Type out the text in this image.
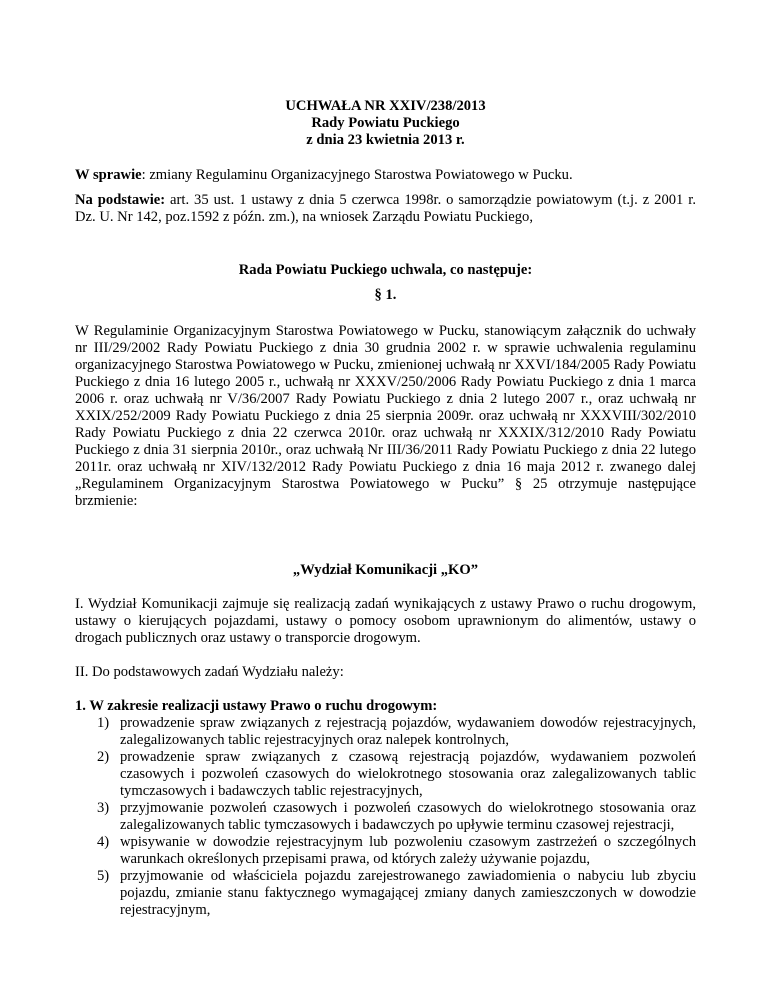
UCHWAŁA NR XXIV/238/2013
Rady Powiatu Puckiego
z dnia 23 kwietnia 2013 r.

W sprawie: zmiany Regulaminu Organizacyjnego Starostwa Powiatowego w Pucku.

Na podstawie: art. 35 ust. 1 ustawy z dnia 5 czerwca 1998r. o samorządzie powiatowym (t.j. z 2001 r. Dz. U. Nr 142, poz.1592 z późn. zm.), na wniosek Zarządu Powiatu Puckiego,

Rada Powiatu Puckiego uchwala, co następuje:

§ 1.

W Regulaminie Organizacyjnym Starostwa Powiatowego w Pucku, stanowiącym załącznik do uchwały nr III/29/2002 Rady Powiatu Puckiego z dnia 30 grudnia 2002 r. w sprawie uchwalenia regulaminu organizacyjnego Starostwa Powiatowego w Pucku, zmienionej uchwałą nr XXVI/184/2005 Rady Powiatu Puckiego z dnia 16 lutego 2005 r., uchwałą nr XXXV/250/2006 Rady Powiatu Puckiego z dnia 1 marca 2006 r. oraz uchwałą nr V/36/2007 Rady Powiatu Puckiego z dnia 2 lutego 2007 r., oraz uchwałą nr XXIX/252/2009 Rady Powiatu Puckiego z dnia 25 sierpnia 2009r. oraz uchwałą nr XXXVIII/302/2010 Rady Powiatu Puckiego z dnia 22 czerwca 2010r. oraz uchwałą nr XXXIX/312/2010 Rady Powiatu Puckiego z dnia 31 sierpnia 2010r., oraz uchwałą Nr III/36/2011 Rady Powiatu Puckiego z dnia 22 lutego 2011r. oraz uchwałą nr XIV/132/2012 Rady Powiatu Puckiego z dnia 16 maja 2012 r. zwanego dalej „Regulaminem Organizacyjnym Starostwa Powiatowego w Pucku” § 25 otrzymuje następujące brzmienie:

„Wydział Komunikacji „KO”

I. Wydział Komunikacji zajmuje się realizacją zadań wynikających z ustawy Prawo o ruchu drogowym, ustawy o kierujących pojazdami, ustawy o pomocy osobom uprawnionym do alimentów, ustawy o drogach publicznych oraz ustawy o transporcie drogowym.

II. Do podstawowych zadań Wydziału należy:

1. W zakresie realizacji ustawy Prawo o ruchu drogowym:

1) prowadzenie spraw związanych z rejestracją pojazdów, wydawaniem dowodów rejestracyjnych, zalegalizowanych tablic rejestracyjnych oraz nalepek kontrolnych,
2) prowadzenie spraw związanych z czasową rejestracją pojazdów, wydawaniem pozwoleń czasowych i pozwoleń czasowych do wielokrotnego stosowania oraz zalegalizowanych tablic tymczasowych i badawczych tablic rejestracyjnych,
3) przyjmowanie pozwoleń czasowych i pozwoleń czasowych do wielokrotnego stosowania oraz zalegalizowanych tablic tymczasowych i badawczych po upływie terminu czasowej rejestracji,
4) wpisywanie w dowodzie rejestracyjnym lub pozwoleniu czasowym zastrzeżeń o szczególnych warunkach określonych przepisami prawa, od których zależy używanie pojazdu,
5) przyjmowanie od właściciela pojazdu zarejestrowanego zawiadomienia o nabyciu lub zbyciu pojazdu, zmianie stanu faktycznego wymagającej zmiany danych zamieszczonych w dowodzie rejestracyjnym,
